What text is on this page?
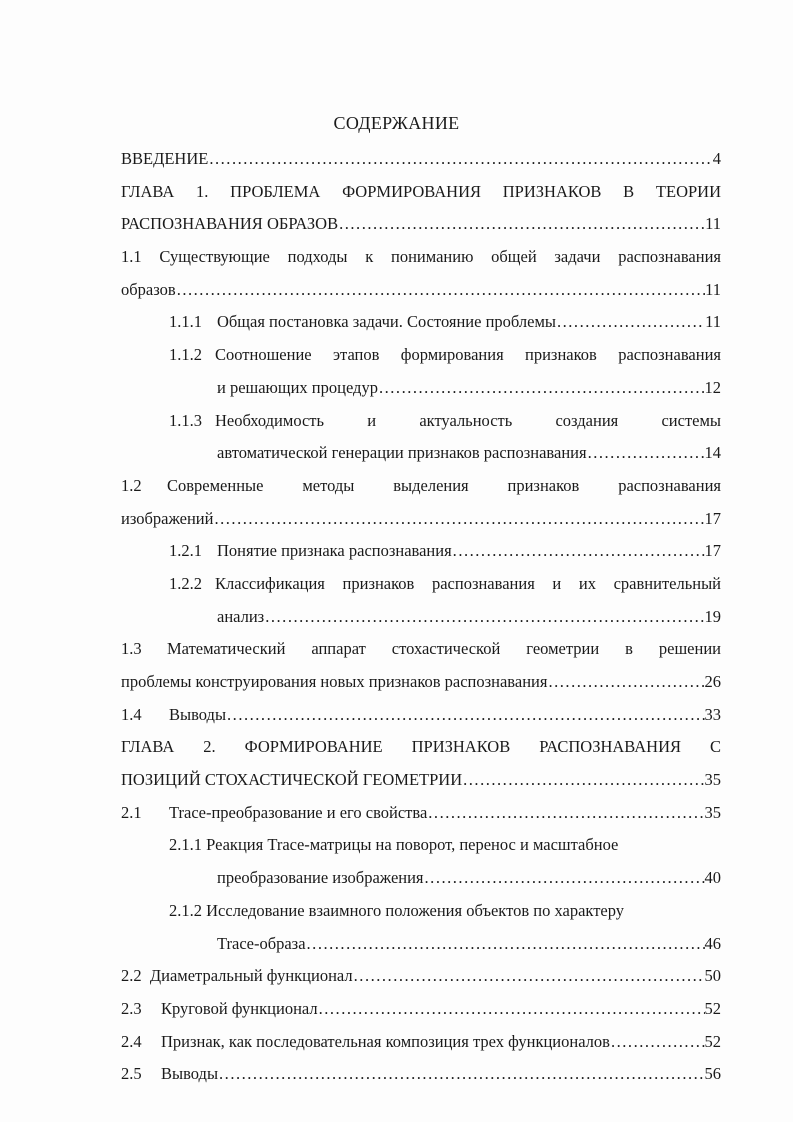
СОДЕРЖАНИЕ
ВВЕДЕНИЕ . . .	4
ГЛАВА 1. ПРОБЛЕМА ФОРМИРОВАНИЯ ПРИЗНАКОВ В ТЕОРИИ
РАСПОЗНАВАНИЯ ОБРАЗОВ . . .	11
1.1 Существующие подходы к пониманию общей задачи распознавания
образов . . .	11
1.1.1 Общая постановка задачи. Состояние проблемы . . .	11
1.1.2 Соотношение этапов формирования признаков распознавания
и решающих процедур . . .	12
1.1.3 Необходимость и актуальность создания системы
автоматической генерации признаков распознавания . . .	14
1.2	Современные методы выделения признаков распознавания
изображений . . .	17
1.2.1 Понятие признака распознавания . . .	17
1.2.2 Классификация признаков распознавания и их сравнительный
анализ . . .	19
1.3	Математический аппарат стохастической геометрии в решении
проблемы конструирования новых признаков распознавания . . .	26
1.4 Выводы . . .	33
ГЛАВА 2. ФОРМИРОВАНИЕ ПРИЗНАКОВ РАСПОЗНАВАНИЯ С
ПОЗИЦИЙ СТОХАСТИЧЕСКОЙ ГЕОМЕТРИИ . . .	35
2.1 Trace-преобразование и его свойства . . .	35
2.1.1 Реакция Trace-матрицы на поворот, перенос и масштабное
преобразование изображения . . .	40
2.1.2 Исследование взаимного положения объектов по характеру
Trace-образа . . .	46
2.2 Диаметральный функционал . . .	50
2.3 Круговой функционал . . .	52
2.4 Признак, как последовательная композиция трех функционалов . . .	52
2.5 Выводы . . .	56
